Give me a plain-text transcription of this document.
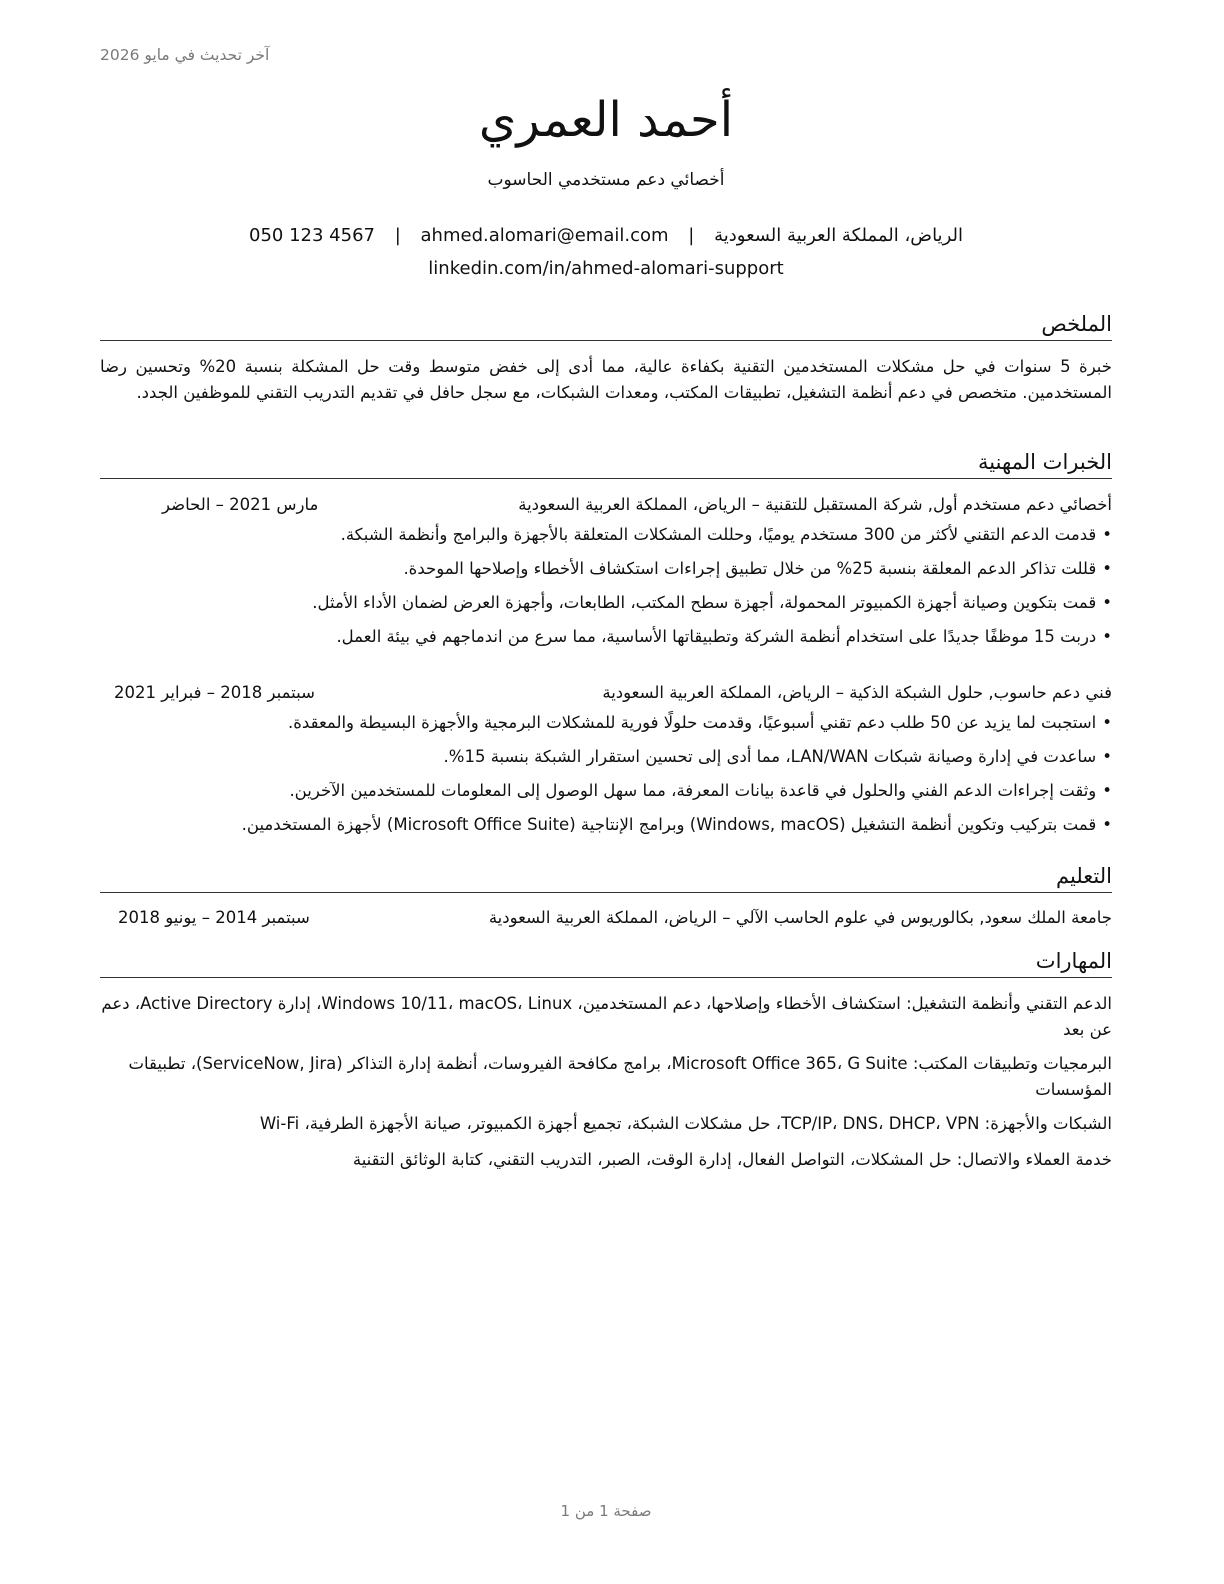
آخر تحديث في مايو 2026
أحمد العمري
أخصائي دعم مستخدمي الحاسوب
الرياض، المملكة العربية السعودية | ahmed.alomari@email.com | 050 123 4567
linkedin.com/in/ahmed-alomari-support
الملخص
خبرة 5 سنوات في حل مشكلات المستخدمين التقنية بكفاءة عالية، مما أدى إلى خفض متوسط وقت حل المشكلة بنسبة 20% وتحسين رضا المستخدمين. متخصص في دعم أنظمة التشغيل، تطبيقات المكتب، ومعدات الشبكات، مع سجل حافل في تقديم التدريب التقني للموظفين الجدد.
الخبرات المهنية
أخصائي دعم مستخدم أول, شركة المستقبل للتقنية – الرياض، المملكة العربية السعودية
مارس 2021 – الحاضر
•قدمت الدعم التقني لأكثر من 300 مستخدم يوميًا، وحللت المشكلات المتعلقة بالأجهزة والبرامج وأنظمة الشبكة.
•قللت تذاكر الدعم المعلقة بنسبة 25% من خلال تطبيق إجراءات استكشاف الأخطاء وإصلاحها الموحدة.
•قمت بتكوين وصيانة أجهزة الكمبيوتر المحمولة، أجهزة سطح المكتب، الطابعات، وأجهزة العرض لضمان الأداء الأمثل.
•دربت 15 موظفًا جديدًا على استخدام أنظمة الشركة وتطبيقاتها الأساسية، مما سرع من اندماجهم في بيئة العمل.
فني دعم حاسوب, حلول الشبكة الذكية – الرياض، المملكة العربية السعودية
سبتمبر 2018 – فبراير 2021
•استجبت لما يزيد عن 50 طلب دعم تقني أسبوعيًا، وقدمت حلولًا فورية للمشكلات البرمجية والأجهزة البسيطة والمعقدة.
•ساعدت في إدارة وصيانة شبكات LAN/WAN، مما أدى إلى تحسين استقرار الشبكة بنسبة 15%.
•وثقت إجراءات الدعم الفني والحلول في قاعدة بيانات المعرفة، مما سهل الوصول إلى المعلومات للمستخدمين الآخرين.
•قمت بتركيب وتكوين أنظمة التشغيل (Windows, macOS) وبرامج الإنتاجية (Microsoft Office Suite) لأجهزة المستخدمين.
التعليم
جامعة الملك سعود, بكالوريوس في علوم الحاسب الآلي – الرياض، المملكة العربية السعودية
سبتمبر 2014 – يونيو 2018
المهارات
الدعم التقني وأنظمة التشغيل: استكشاف الأخطاء وإصلاحها، دعم المستخدمين، Windows 10/11، macOS، Linux، إدارة Active Directory، دعم عن بعد
البرمجيات وتطبيقات المكتب: Microsoft Office 365، G Suite، برامج مكافحة الفيروسات، أنظمة إدارة التذاكر (ServiceNow, Jira)، تطبيقات المؤسسات
الشبكات والأجهزة: TCP/IP، DNS، DHCP، VPN، حل مشكلات الشبكة، تجميع أجهزة الكمبيوتر، صيانة الأجهزة الطرفية، Wi-Fi
خدمة العملاء والاتصال: حل المشكلات، التواصل الفعال، إدارة الوقت، الصبر، التدريب التقني، كتابة الوثائق التقنية
صفحة 1 من 1
